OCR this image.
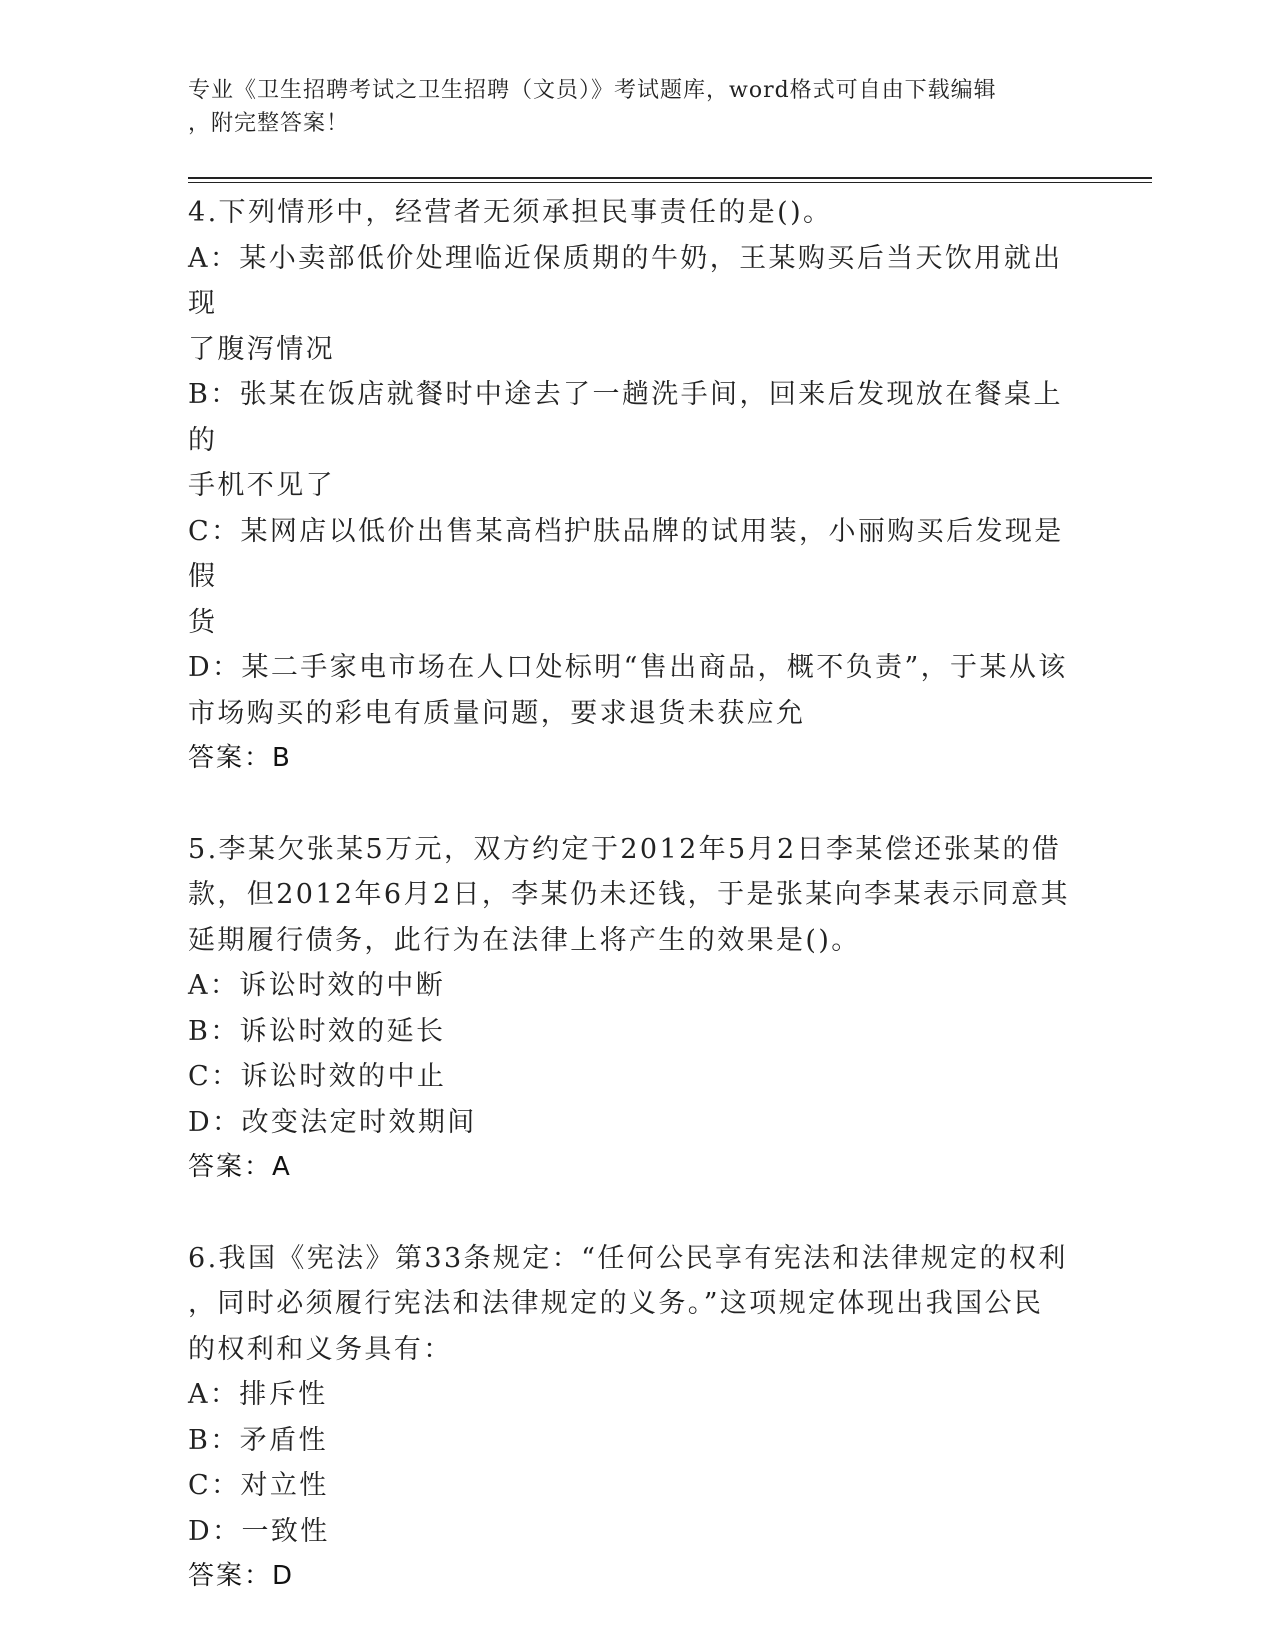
专业《卫生招聘考试之卫生招聘（文员）》考试题库，word格式可自由下载编辑
，附完整答案！

4.下列情形中，经营者无须承担民事责任的是()。

A：某小卖部低价处理临近保质期的牛奶，王某购买后当天饮用就出现

了腹泻情况

B：张某在饭店就餐时中途去了一趟洗手间，回来后发现放在餐桌上的

手机不见了

C：某网店以低价出售某高档护肤品牌的试用装，小丽购买后发现是假

货

D：某二手家电市场在人口处标明“售出商品，概不负责”，于某从该

市场购买的彩电有质量问题，要求退货未获应允

答案：B

5.李某欠张某5万元，双方约定于2012年5月2日李某偿还张某的借

款，但2012年6月2日，李某仍未还钱，于是张某向李某表示同意其

延期履行债务，此行为在法律上将产生的效果是()。

A：诉讼时效的中断

B：诉讼时效的延长

C：诉讼时效的中止

D：改变法定时效期间

答案：A

6.我国《宪法》第33条规定：“任何公民享有宪法和法律规定的权利

，同时必须履行宪法和法律规定的义务。”这项规定体现出我国公民

的权利和义务具有：

A：排斥性

B：矛盾性

C：对立性

D：一致性

答案：D
